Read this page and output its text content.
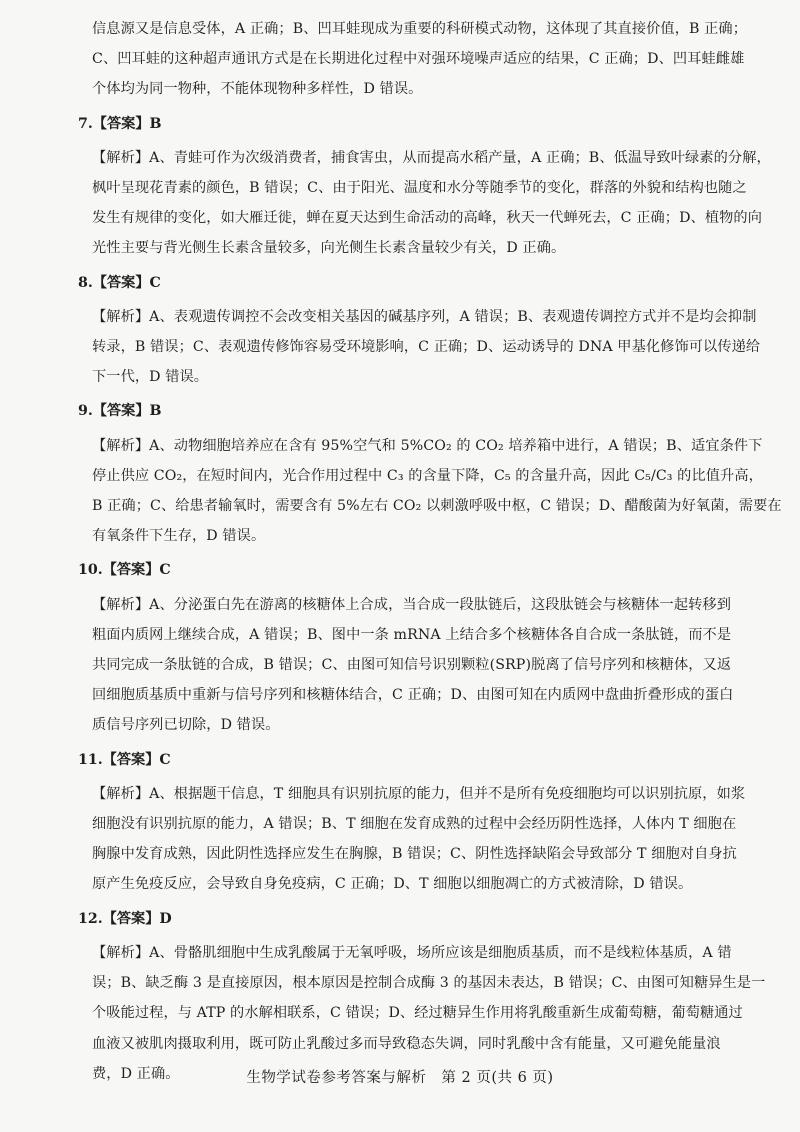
信息源又是信息受体，A 正确；B、凹耳蛙现成为重要的科研模式动物，这体现了其直接价值，B 正确；
C、凹耳蛙的这种超声通讯方式是在长期进化过程中对强环境噪声适应的结果，C 正确；D、凹耳蛙雌雄
个体均为同一物种，不能体现物种多样性，D 错误。

7.【答案】B

【解析】A、青蛙可作为次级消费者，捕食害虫，从而提高水稻产量，A 正确；B、低温导致叶绿素的分解，
枫叶呈现花青素的颜色，B 错误；C、由于阳光、温度和水分等随季节的变化，群落的外貌和结构也随之
发生有规律的变化，如大雁迁徙，蝉在夏天达到生命活动的高峰，秋天一代蝉死去，C 正确；D、植物的向
光性主要与背光侧生长素含量较多，向光侧生长素含量较少有关，D 正确。

8.【答案】C

【解析】A、表观遗传调控不会改变相关基因的碱基序列，A 错误；B、表观遗传调控方式并不是均会抑制
转录，B 错误；C、表观遗传修饰容易受环境影响，C 正确；D、运动诱导的 DNA 甲基化修饰可以传递给
下一代，D 错误。

9.【答案】B

【解析】A、动物细胞培养应在含有 95%空气和 5%CO₂ 的 CO₂ 培养箱中进行，A 错误；B、适宜条件下
停止供应 CO₂，在短时间内，光合作用过程中 C₃ 的含量下降，C₅ 的含量升高，因此 C₅/C₃ 的比值升高，
B 正确；C、给患者输氧时，需要含有 5%左右 CO₂ 以刺激呼吸中枢，C 错误；D、醋酸菌为好氧菌，需要在
有氧条件下生存，D 错误。

10.【答案】C

【解析】A、分泌蛋白先在游离的核糖体上合成，当合成一段肽链后，这段肽链会与核糖体一起转移到
粗面内质网上继续合成，A 错误；B、图中一条 mRNA 上结合多个核糖体各自合成一条肽链，而不是
共同完成一条肽链的合成，B 错误；C、由图可知信号识别颗粒(SRP)脱离了信号序列和核糖体，又返
回细胞质基质中重新与信号序列和核糖体结合，C 正确；D、由图可知在内质网中盘曲折叠形成的蛋白
质信号序列已切除，D 错误。

11.【答案】C

【解析】A、根据题干信息，T 细胞具有识别抗原的能力，但并不是所有免疫细胞均可以识别抗原，如浆
细胞没有识别抗原的能力，A 错误；B、T 细胞在发育成熟的过程中会经历阴性选择，人体内 T 细胞在
胸腺中发育成熟，因此阴性选择应发生在胸腺，B 错误；C、阴性选择缺陷会导致部分 T 细胞对自身抗
原产生免疫反应，会导致自身免疫病，C 正确；D、T 细胞以细胞凋亡的方式被清除，D 错误。

12.【答案】D

【解析】A、骨骼肌细胞中生成乳酸属于无氧呼吸，场所应该是细胞质基质，而不是线粒体基质，A 错
误；B、缺乏酶 3 是直接原因，根本原因是控制合成酶 3 的基因未表达，B 错误；C、由图可知糖异生是一
个吸能过程，与 ATP 的水解相联系，C 错误；D、经过糖异生作用将乳酸重新生成葡萄糖，葡萄糖通过
血液又被肌肉摄取利用，既可防止乳酸过多而导致稳态失调，同时乳酸中含有能量，又可避免能量浪
费，D 正确。	生物学试卷参考答案与解析　第 2 页(共 6 页)
